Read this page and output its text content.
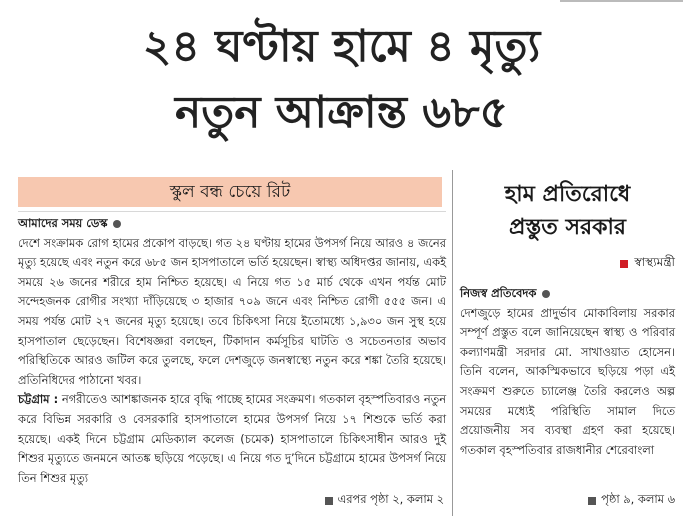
২৪ ঘণ্টায় হামে ৪ মৃত্যু
নতুন আক্রান্ত ৬৮৫
স্কুল বন্ধ চেয়ে রিট

আমাদের সময় ডেস্ক

দেশে সংক্রামক রোগ হামের প্রকোপ বাড়ছে। গত ২৪ ঘণ্টায় হামের উপসর্গ নিয়ে আরও ৪ জনের মৃত্যু হয়েছে এবং নতুন করে ৬৮৫ জন হাসপাতালে ভর্তি হয়েছেন। স্বাস্থ্য অধিদপ্তর জানায়, একই সময়ে ২৬ জনের শরীরে হাম নিশ্চিত হয়েছে। এ নিয়ে গত ১৫ মার্চ থেকে এখন পর্যন্ত মোট সন্দেহজনক রোগীর সংখ্যা দাঁড়িয়েছে ৩ হাজার ৭০৯ জনে এবং নিশ্চিত রোগী ৫৫৫ জন। এ সময় পর্যন্ত মোট ২৭ জনের মৃত্যু হয়েছে। তবে চিকিৎসা নিয়ে ইতোমধ্যে ১,৯৩০ জন সুস্থ হয়ে হাসপাতাল ছেড়েছেন। বিশেষজ্ঞরা বলছেন, টিকাদান কর্মসূচির ঘাটতি ও সচেতনতার অভাব পরিস্থিতিকে আরও জটিল করে তুলছে, ফলে দেশজুড়ে জনস্বাস্থ্যে নতুন করে শঙ্কা তৈরি হয়েছে। প্রতিনিধিদের পাঠানো খবর।

চট্টগ্রাম : নগরীতেও আশঙ্কাজনক হারে বৃদ্ধি পাচ্ছে হামের সংক্রমণ। গতকাল বৃহস্পতিবারও নতুন করে বিভিন্ন সরকারি ও বেসরকারি হাসপাতালে হামের উপসর্গ নিয়ে ১৭ শিশুকে ভর্তি করা হয়েছে। একই দিনে চট্টগ্রাম মেডিক্যাল কলেজ (চমেক) হাসপাতালে চিকিৎসাধীন আরও দুই শিশুর মৃত্যুতে জনমনে আতঙ্ক ছড়িয়ে পড়েছে। এ নিয়ে গত দু’দিনে চট্টগ্রামে হামের উপসর্গ নিয়ে তিন শিশুর মৃত্যু

এরপর পৃষ্ঠা ২, কলাম ২
হাম প্রতিরোধে
প্রস্তুত সরকার
স্বাস্থ্যমন্ত্রী

নিজস্ব প্রতিবেদক

দেশজুড়ে হামের প্রাদুর্ভাব মোকাবিলায় সরকার সম্পূর্ণ প্রস্তুত বলে জানিয়েছেন স্বাস্থ্য ও পরিবার কল্যাণমন্ত্রী সরদার মো. সাখাওয়াত হোসেন। তিনি বলেন, আকস্মিকভাবে ছড়িয়ে পড়া এই সংক্রমণ শুরুতে চ্যালেঞ্জ তৈরি করলেও অল্প সময়ের মধ্যেই পরিস্থিতি সামাল দিতে প্রয়োজনীয় সব ব্যবস্থা গ্রহণ করা হয়েছে। গতকাল বৃহস্পতিবার রাজধানীর শেরেবাংলা

পৃষ্ঠা ৯, কলাম ৬
